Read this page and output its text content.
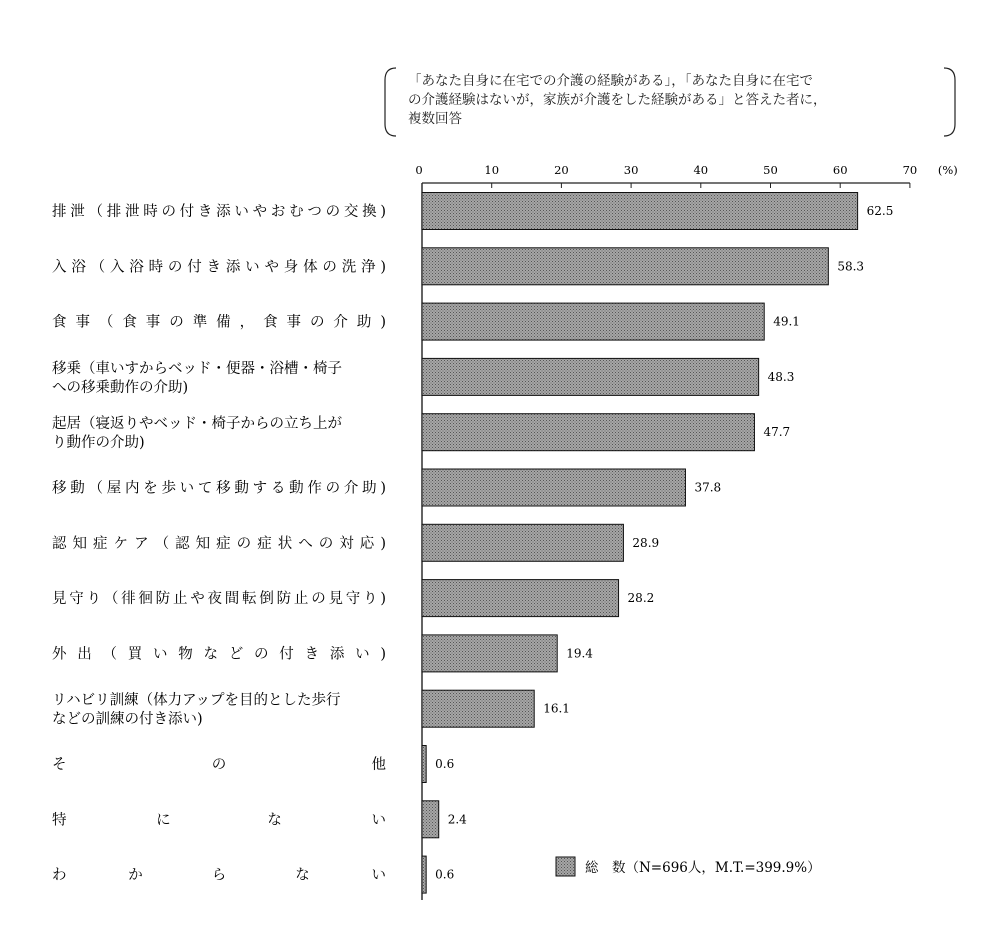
「あなた自身に在宅での介護の経験がある」，「あなた自身に在宅で
の介護経験はないが，家族が介護をした経験がある」と答えた者に，
複数回答
0	10	20	30	40	50	60	70 (%)
62.5
排泄（排泄時の付き添いやおむつの交換)
58.3
入浴（入浴時の付き添いや身体の洗浄)
49.1
食事（食事の準備，食事の介助)
48.3
移乗（車いすからベッド・便器・浴槽・椅子
への移乗動作の介助)
47.7
起居（寝返りやベッド・椅子からの立ち上が
り動作の介助)
37.8
移動（屋内を歩いて移動する動作の介助)
28.9
認知症ケア（認知症の症状への対応)
28.2
見守り（徘徊防止や夜間転倒防止の見守り)
19.4
外出（買い物などの付き添い)
16.1
リハビリ訓練（体力アップを目的とした歩行
などの訓練の付き添い)
0.6
そ	の	他
2.4
特	に	な	い
0.6
わ	か	ら	な	い	総　数（N=696人，M.T.=399.9%）
